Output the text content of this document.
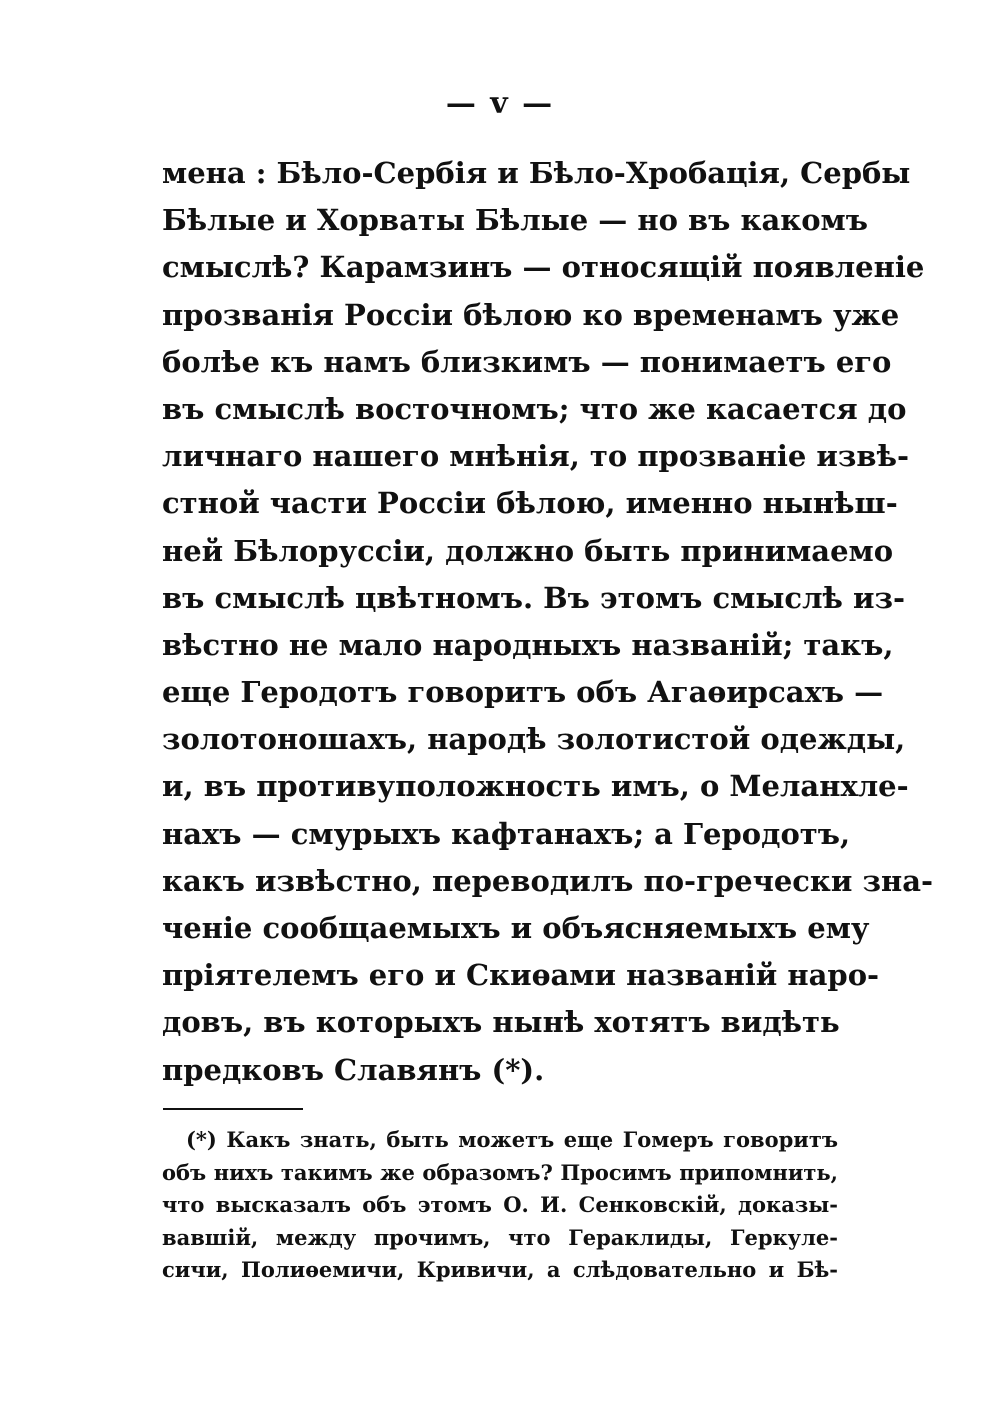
— v —
мена : Бѣло-Сербія и Бѣло-Хробація, Сербы
Бѣлые и Хорваты Бѣлые — но въ какомъ
смыслѣ? Карамзинъ — относящій появленіе
прозванія Россіи бѣлою ко временамъ уже
болѣе къ намъ близкимъ — понимаетъ его
въ смыслѣ восточномъ; что же касается до
личнаго нашего мнѣнія, то прозваніе извѣ-
стной части Россіи бѣлою, именно нынѣш-
ней Бѣлоруссіи, должно быть принимаемо
въ смыслѣ цвѣтномъ. Въ этомъ смыслѣ из-
вѣстно не мало народныхъ названій; такъ,
еще Геродотъ говоритъ объ Агаѳирсахъ —
золотоношахъ, народѣ золотистой одежды,
и, въ противуположность имъ, о Меланхле-
нахъ — смурыхъ кафтанахъ; а Геродотъ,
какъ извѣстно, переводилъ по-гречески зна-
ченіе сообщаемыхъ и объясняемыхъ ему
пріятелемъ его и Скиѳами названій наро-
довъ, въ которыхъ нынѣ хотятъ видѣть
предковъ Славянъ (*).
(*) Какъ знать, быть можетъ еще Гомеръ говоритъ
объ нихъ такимъ же образомъ? Просимъ припомнить,
что высказалъ объ этомъ О. И. Сенковскій, доказы-
вавшій, между прочимъ, что Гераклиды, Геркуле-
сичи, Полиѳемичи, Кривичи, а слѣдовательно и Бѣ-
